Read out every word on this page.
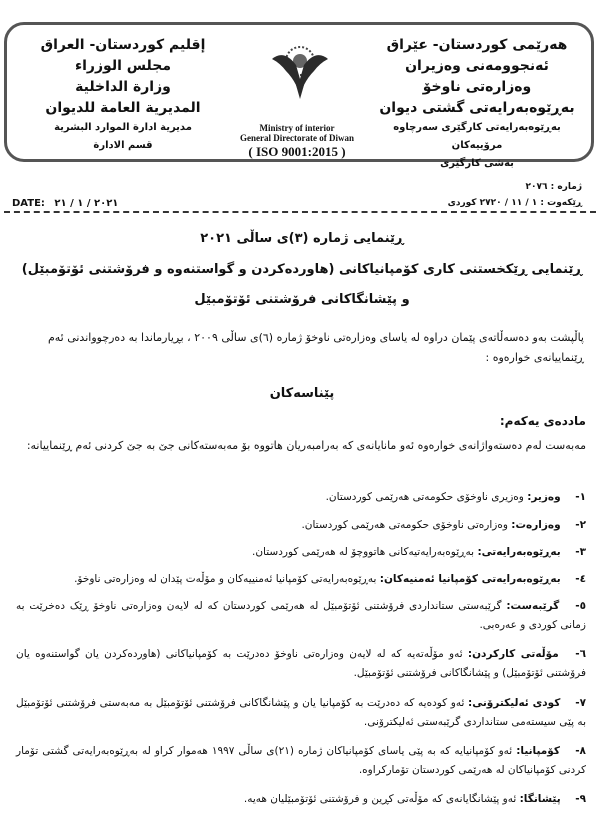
هەرێمی کوردستان- عێراق
ئەنجوومەنی وەزیران
وەزارەتی ناوخۆ
بەڕێوەبەرایەتی گشتی دیوان
بەڕێوەبەرایەتی کارگێری سەرچاوە مرۆییەکان
بەشی کارگێری
إقليم كوردستان- العراق
مجلس الوزراء
وزارة الداخلية
المديرية العامة للديوان
مديرية ادارة الموارد البشرية
قسم الادارة
Ministry of interior
General Directorate of Diwan
( ISO 9001:2015 )
ژمارە : ٢٠٧٦
ڕێکەوت : ١ / ١١ / ٢٧٢٠ کوردی
DATE: ٢٠٢١ / ١ / ٢١
ڕێنمایی ژمارە (٣)ی ساڵی ٢٠٢١
ڕێنمایی ڕێکخستنی کاری کۆمپانیاکانی (هاوردەکردن و گواستنەوە و فرۆشتنی ئۆتۆمبێل)
و پێشانگاکانی فرۆشتنی ئۆتۆمبێل
پاڵپشت بەو دەسەڵاتەی پێمان دراوە لە یاسای وەزارەتی ناوخۆ ژمارە (٦)ی ساڵی ٢٠٠٩ ، بڕیارماندا بە دەرچوواندنی ئەم ڕێنماییانەی خوارەوە :
پێناسەکان
ماددەی یەکەم:
مەبەست لەم دەستەواژانەی خوارەوە ئەو مانایانەی کە بەرامبەریان هاتووە بۆ مەبەستەکانی جێ بە جێ کردنی ئەم ڕێنماییانە:
١- وەزیر: وەزیری ناوخۆی حکومەتی هەرێمی کوردستان.
٢- وەزارەت: وەزارەتی ناوخۆی حکومەتی هەرێمی کوردستان.
٣- بەڕێوەبەرایەتی: بەڕێوەبەرایەتیەکانی هاتووچۆ لە هەرێمی کوردستان.
٤- بەڕێوەبەرایەتی کۆمپانیا ئەمنیەکان: بەڕێوەبەرایەتی کۆمپانیا ئەمنییەکان و مۆڵەت پێدان لە وەزارەتی ناوخۆ.
٥- گرێبەست: گرێبەستی ستانداردی فرۆشتنی ئۆتۆمبێل لە هەرێمی کوردستان کە لە لایەن وەزارەتی ناوخۆ ڕێک دەخرێت بە زمانی کوردی و عەرەبی.
٦- مۆڵەتی کارکردن: ئەو مۆڵەتەیە کە لە لایەن وەزارەتی ناوخۆ دەدرێت بە کۆمپانیاکانی (هاوردەکردن یان گواستنەوە یان فرۆشتنی ئۆتۆمبێل) و پێشانگاکانی فرۆشتنی ئۆتۆمبێل.
٧- کودی ئەلیکترۆنی: ئەو کودەیە کە دەدرێت بە کۆمپانیا یان و پێشانگاکانی فرۆشتنی ئۆتۆمبێل بە مەبەستی فرۆشتنی ئۆتۆمبێل بە پێی سیستەمی ستانداردی گرێبەستی ئەلیکترۆنی.
٨- کۆمپانیا: ئەو کۆمپانیایە کە بە پێی یاسای کۆمپانیاکان ژمارە (٢١)ی ساڵی ١٩٩٧ هەموار کراو لە بەڕێوەبەرایەتی گشتی تۆمار کردنی کۆمپانیاکان لە هەرێمی کوردستان تۆمارکراوە.
٩- پێشانگا: ئەو پێشانگایانەی کە مۆڵەتی کڕین و فرۆشتنی ئۆتۆمبێلیان هەیە.
